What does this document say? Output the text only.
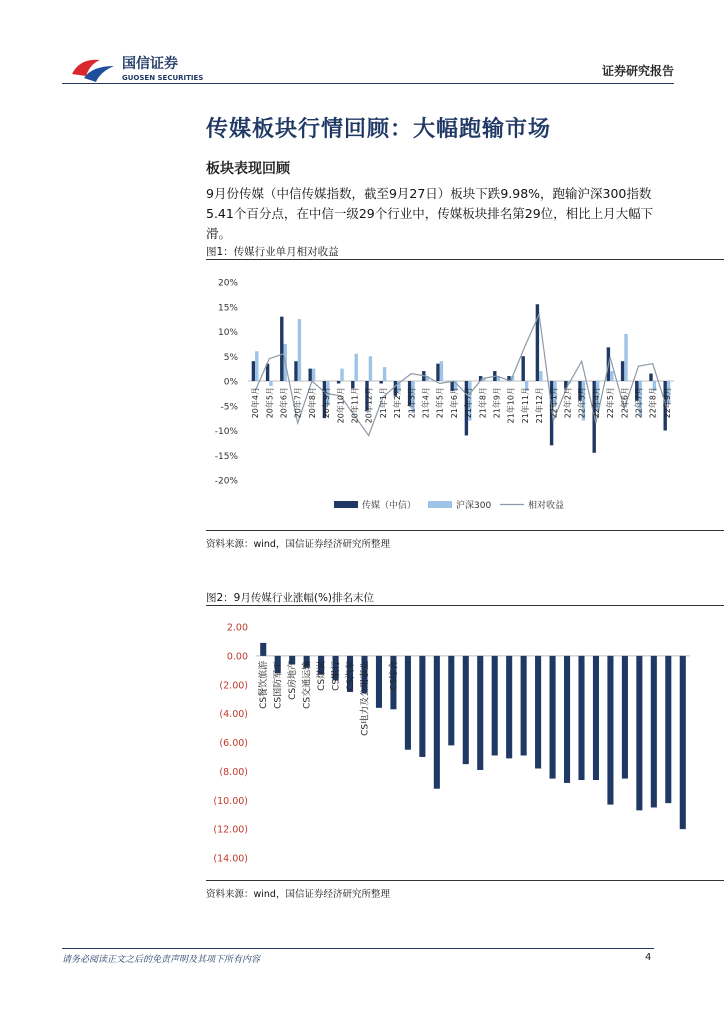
国信证券
GUOSEN SECURITIES	证券研究报告
传媒板块行情回顾：大幅跑输市场
板块表现回顾
9月份传媒（中信传媒指数，截至9月27日）板块下跌9.98%，跑输沪深300指数5.41个百分点，在中信一级29个行业中，传媒板块排名第29位，相比上月大幅下滑。
图1：传媒行业单月相对收益
20%
15%
10%
5%
0%
-5%
-10%
-15%
-20%
20年4月 20年5月 20年6月 20年7月 20年8月 20年9月 20年10月 20年11月 20年12月 21年1月 21年2月 21年3月 21年4月 21年5月 21年6月 21年7月 21年8月 21年9月 21年10月 21年11月 21年12月 22年1月 22年2月 22年3月 22年4月 22年5月 22年6月 22年7月 22年8月 22年9月
传媒（中信）	沪深300	相对收益
资料来源：wind，国信证券经济研究所整理
图2：9月传媒行业涨幅(%)排名末位
2.00
0.00
(2.00)
(4.00)
(6.00)
(8.00)
(10.00)
(12.00)
(14.00)
CS餐饮旅游 CS国防军工 CS房地产 CS交通运输 CS煤炭 CS银行 CS汽车 CS电力及公用事业 CS综合
资料来源：wind，国信证券经济研究所整理
请务必阅读正文之后的免责声明及其项下所有内容	4
